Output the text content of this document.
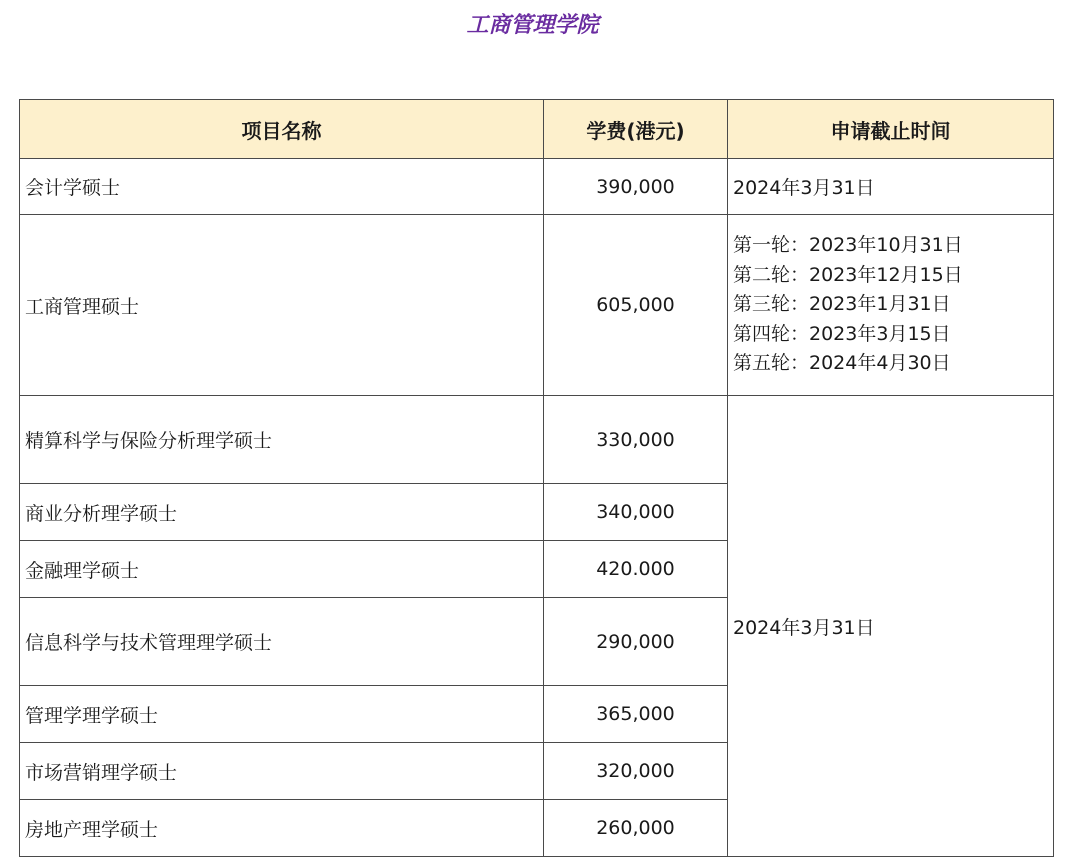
工商管理学院
项目名称	学费(港元)	申请截止时间
会计学硕士	390,000	2024年3月31日
工商管理硕士	605,000	第一轮：2023年10月31日
第二轮：2023年12月15日
第三轮：2023年1月31日
第四轮：2023年3月15日
第五轮：2024年4月30日

精算科学与保险分析理学硕士	330,000	2024年3月31日
商业分析理学硕士	340,000	
金融理学硕士	420.000	
信息科学与技术管理理学硕士	290,000	
管理学理学硕士	365,000	
市场营销理学硕士	320,000	
房地产理学硕士	260,000	
